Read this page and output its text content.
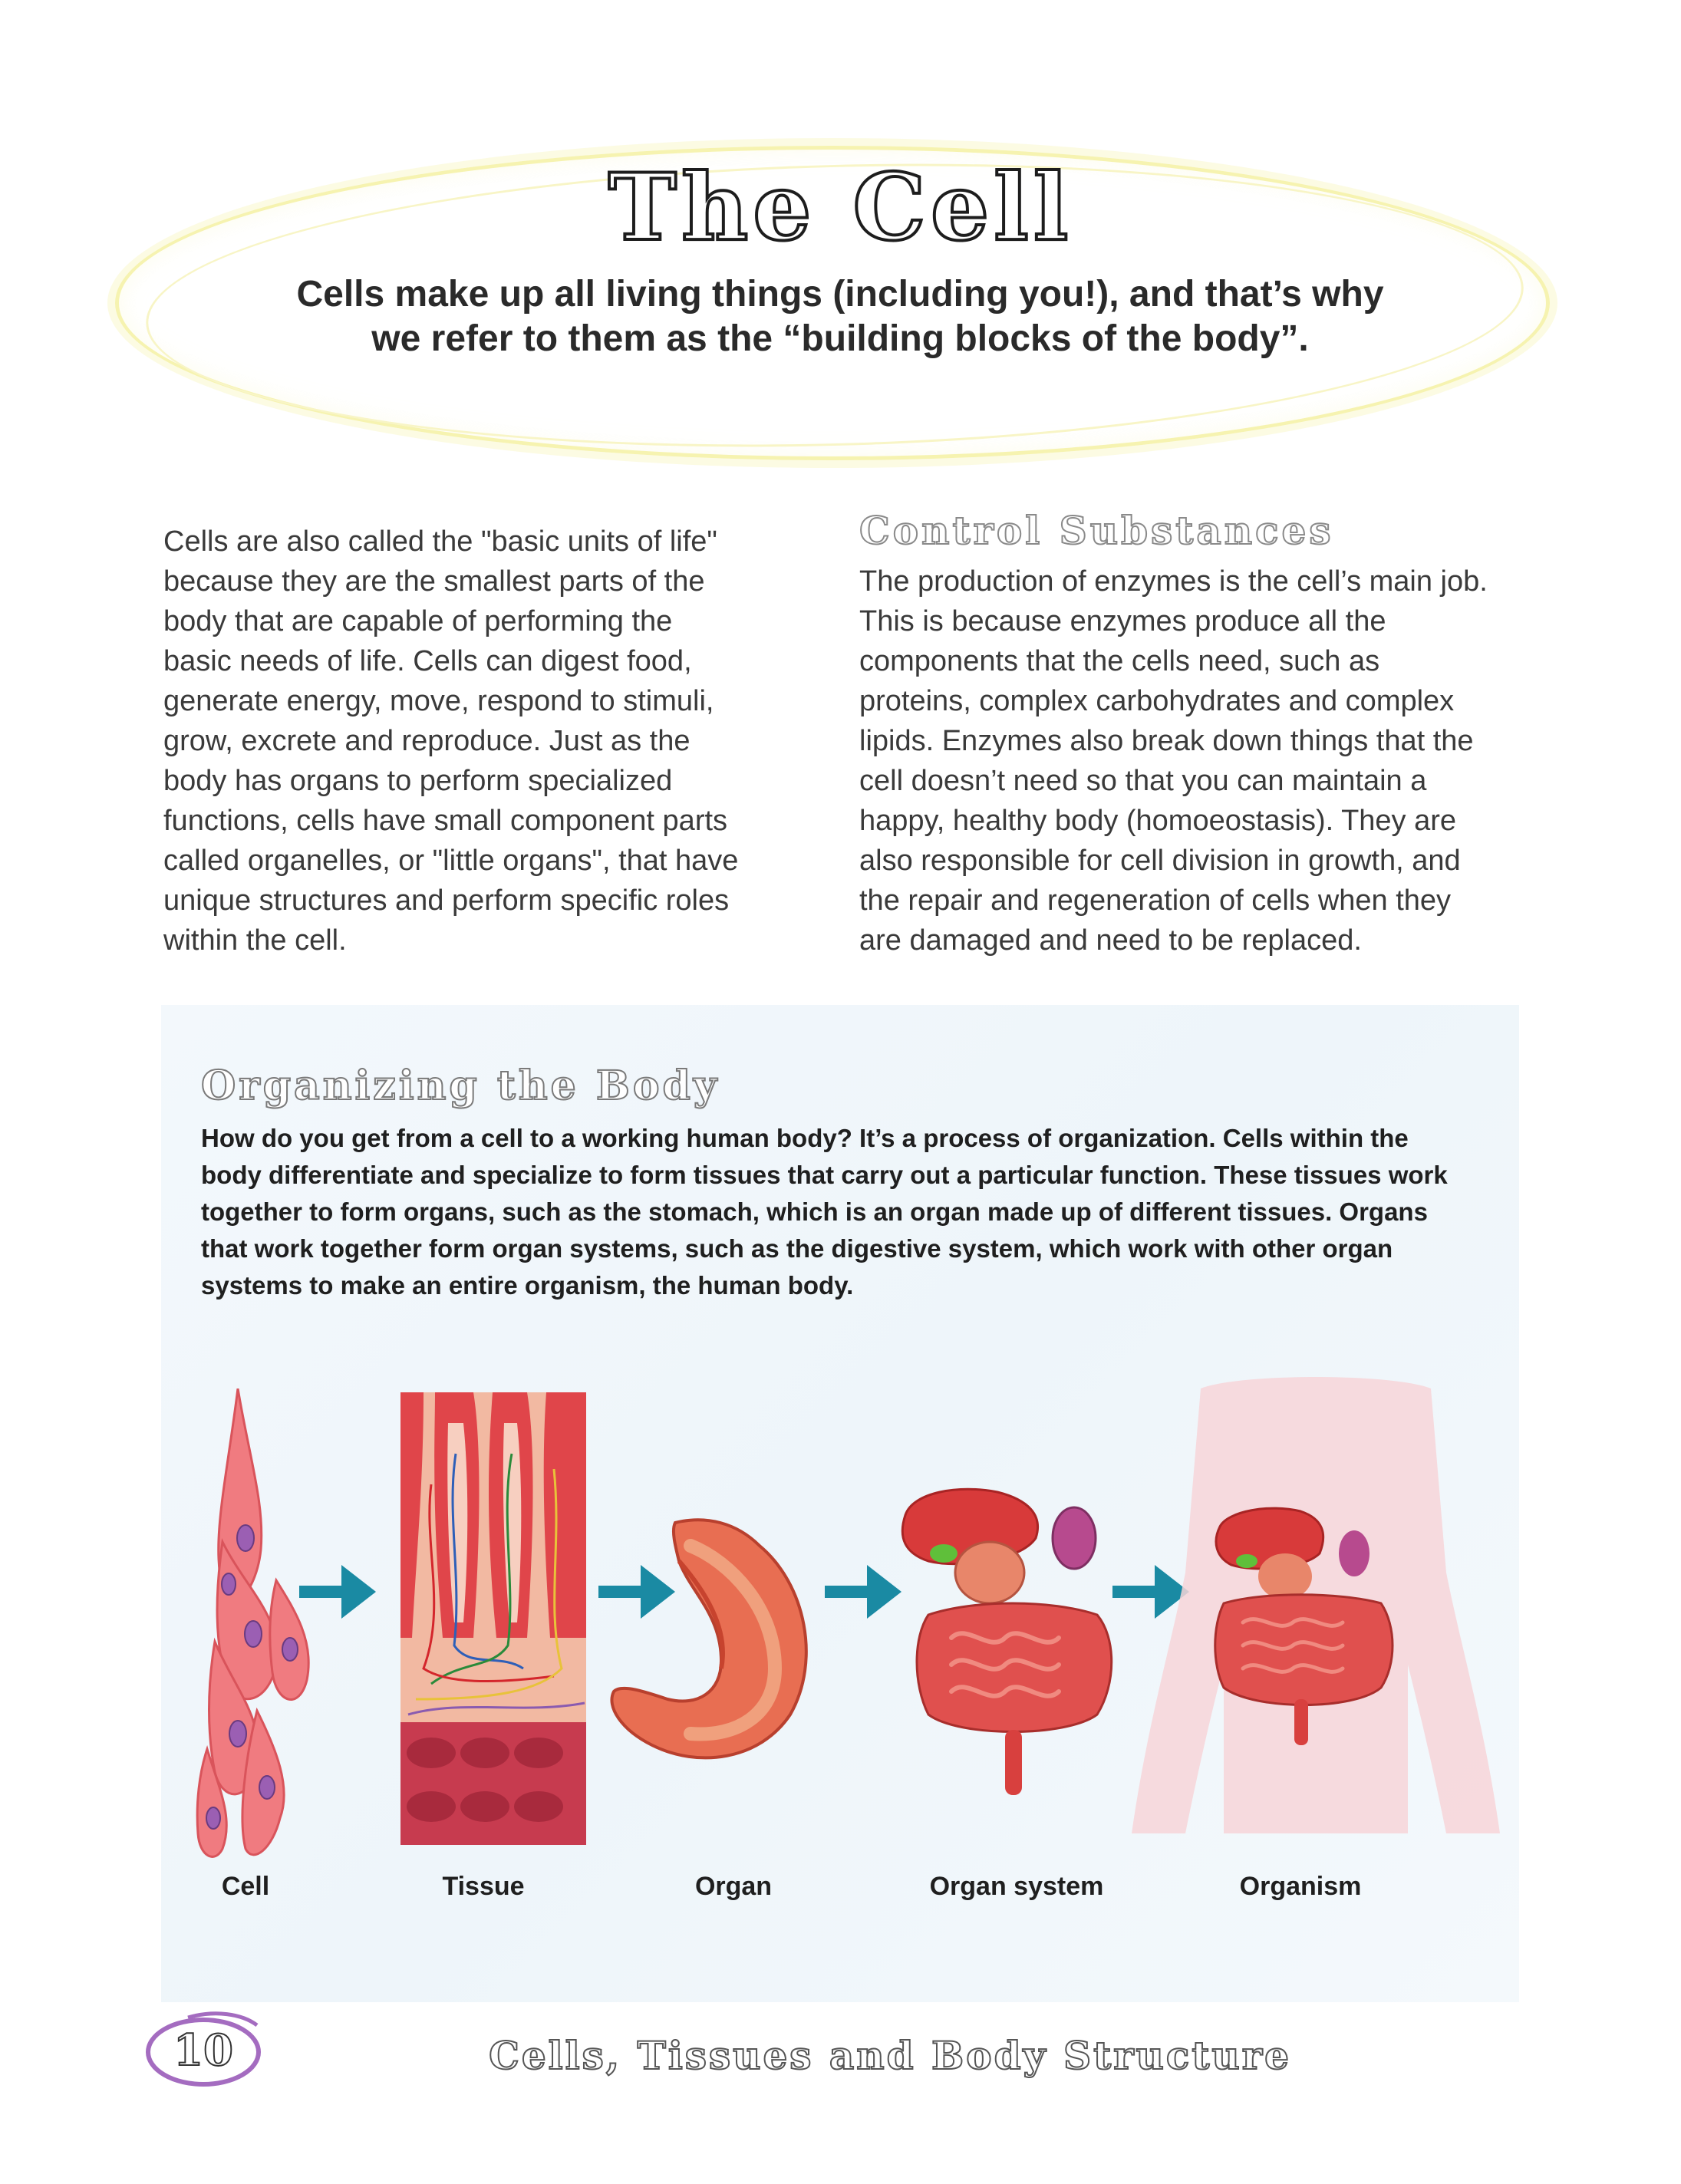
The Cell

Cells make up all living things (including you!), and that’s why we refer to them as the “building blocks of the body”.

Cells are also called the "basic units of life" because they are the smallest parts of the body that are capable of performing the basic needs of life. Cells can digest food, generate energy, move, respond to stimuli, grow, excrete and reproduce. Just as the body has organs to perform specialized functions, cells have small component parts called organelles, or "little organs", that have unique structures and perform specific roles within the cell.

Control Substances

The production of enzymes is the cell’s main job. This is because enzymes produce all the components that the cells need, such as proteins, complex carbohydrates and complex lipids. Enzymes also break down things that the cell doesn’t need so that you can maintain a happy, healthy body (homoeostasis). They are also responsible for cell division in growth, and the repair and regeneration of cells when they are damaged and need to be replaced.

Organizing the Body

How do you get from a cell to a working human body? It’s a process of organization. Cells within the body differentiate and specialize to form tissues that carry out a particular function. These tissues work together to form organs, such as the stomach, which is an organ made up of different tissues. Organs that work together form organ systems, such as the digestive system, which work with other organ systems to make an entire organism, the human body.

Cell	Tissue	Organ	Organ system	Organism
10	Cells, Tissues and Body Structure
